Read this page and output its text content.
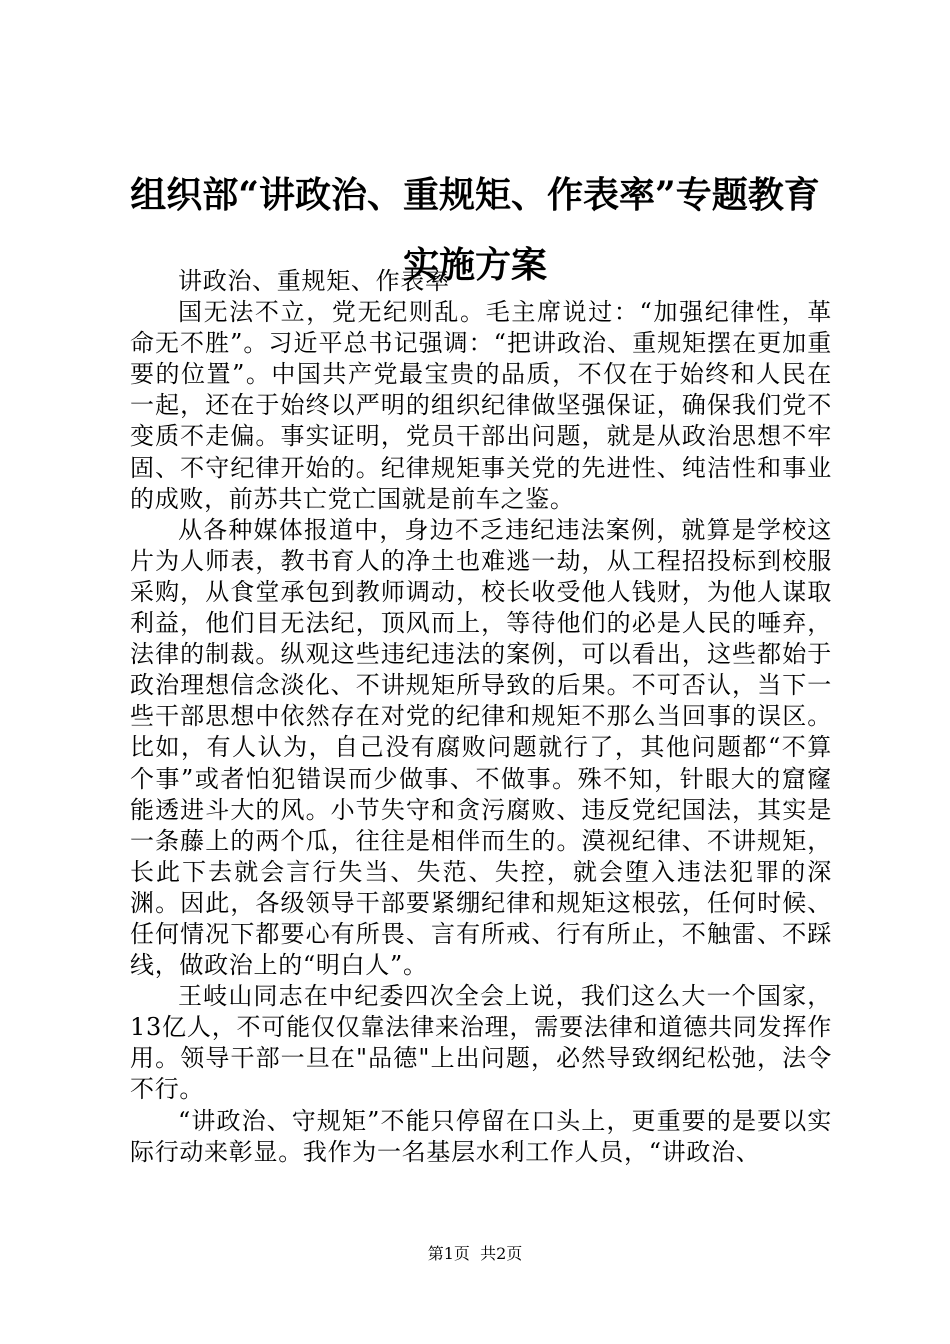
组织部“讲政治、重规矩、作表率”专题教育
实施方案

讲政治、重规矩、作表率

国无法不立，党无纪则乱。毛主席说过：“加强纪律性，革命无不胜”。习近平总书记强调：“把讲政治、重规矩摆在更加重要的位置”。中国共产党最宝贵的品质，不仅在于始终和人民在一起，还在于始终以严明的组织纪律做坚强保证，确保我们党不变质不走偏。事实证明，党员干部出问题，就是从政治思想不牢固、不守纪律开始的。纪律规矩事关党的先进性、纯洁性和事业的成败，前苏共亡党亡国就是前车之鉴。

从各种媒体报道中，身边不乏违纪违法案例，就算是学校这片为人师表，教书育人的净土也难逃一劫，从工程招投标到校服采购，从食堂承包到教师调动，校长收受他人钱财，为他人谋取利益，他们目无法纪，顶风而上，等待他们的必是人民的唾弃，法律的制裁。纵观这些违纪违法的案例，可以看出，这些都始于政治理想信念淡化、不讲规矩所导致的后果。不可否认，当下一些干部思想中依然存在对党的纪律和规矩不那么当回事的误区。比如，有人认为，自己没有腐败问题就行了，其他问题都“不算个事”或者怕犯错误而少做事、不做事。殊不知，针眼大的窟窿能透进斗大的风。小节失守和贪污腐败、违反党纪国法，其实是一条藤上的两个瓜，往往是相伴而生的。漠视纪律、不讲规矩，长此下去就会言行失当、失范、失控，就会堕入违法犯罪的深渊。因此，各级领导干部要紧绷纪律和规矩这根弦，任何时候、任何情况下都要心有所畏、言有所戒、行有所止，不触雷、不踩线，做政治上的“明白人”。

王岐山同志在中纪委四次全会上说，我们这么大一个国家，13亿人，不可能仅仅靠法律来治理，需要法律和道德共同发挥作用。领导干部一旦在"品德"上出问题，必然导致纲纪松弛，法令不行。

“讲政治、守规矩”不能只停留在口头上，更重要的是要以实际行动来彰显。我作为一名基层水利工作人员，“讲政治、

第1页  共2页
